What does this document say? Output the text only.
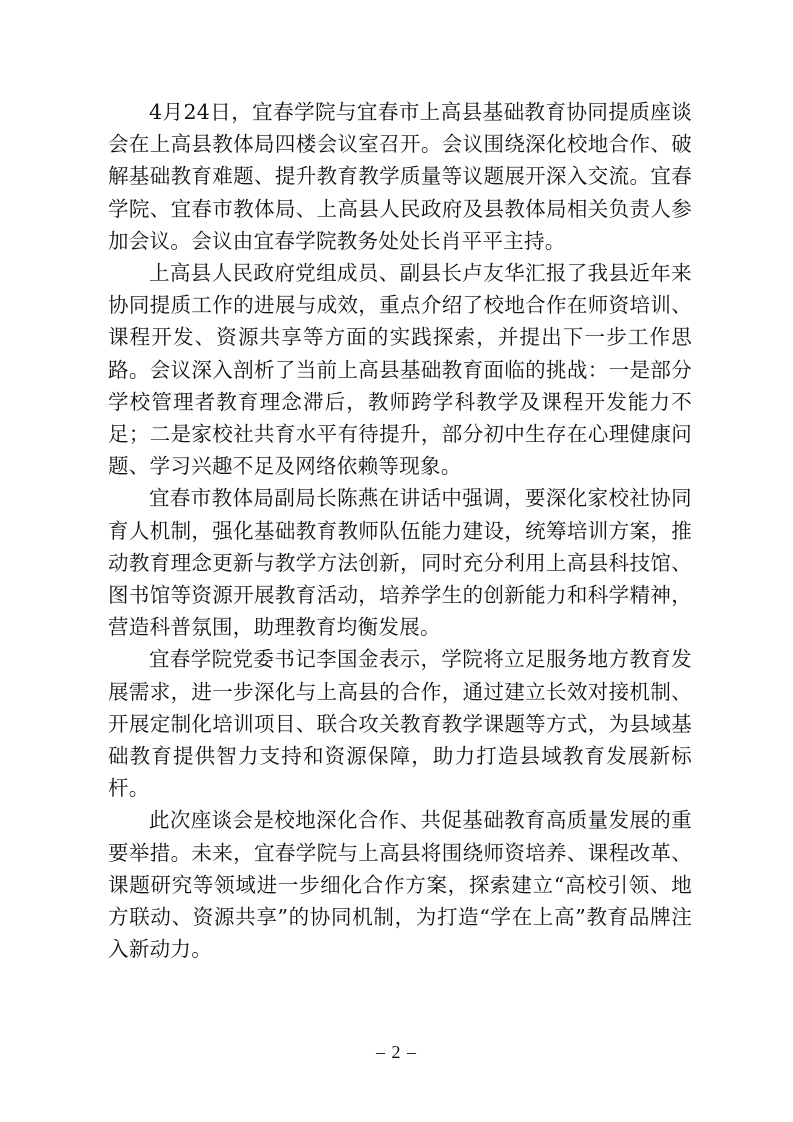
4月24日，宜春学院与宜春市上高县基础教育协同提质座谈会在上高县教体局四楼会议室召开。会议围绕深化校地合作、破解基础教育难题、提升教育教学质量等议题展开深入交流。宜春学院、宜春市教体局、上高县人民政府及县教体局相关负责人参加会议。会议由宜春学院教务处处长肖平平主持。

上高县人民政府党组成员、副县长卢友华汇报了我县近年来协同提质工作的进展与成效，重点介绍了校地合作在师资培训、课程开发、资源共享等方面的实践探索，并提出下一步工作思路。会议深入剖析了当前上高县基础教育面临的挑战：一是部分学校管理者教育理念滞后，教师跨学科教学及课程开发能力不足；二是家校社共育水平有待提升，部分初中生存在心理健康问题、学习兴趣不足及网络依赖等现象。

宜春市教体局副局长陈燕在讲话中强调，要深化家校社协同育人机制，强化基础教育教师队伍能力建设，统筹培训方案，推动教育理念更新与教学方法创新，同时充分利用上高县科技馆、图书馆等资源开展教育活动，培养学生的创新能力和科学精神，营造科普氛围，助理教育均衡发展。

宜春学院党委书记李国金表示，学院将立足服务地方教育发展需求，进一步深化与上高县的合作，通过建立长效对接机制、开展定制化培训项目、联合攻关教育教学课题等方式，为县域基础教育提供智力支持和资源保障，助力打造县域教育发展新标杆。

此次座谈会是校地深化合作、共促基础教育高质量发展的重要举措。未来，宜春学院与上高县将围绕师资培养、课程改革、课题研究等领域进一步细化合作方案，探索建立“高校引领、地方联动、资源共享”的协同机制，为打造“学在上高”教育品牌注入新动力。

– 2 –
